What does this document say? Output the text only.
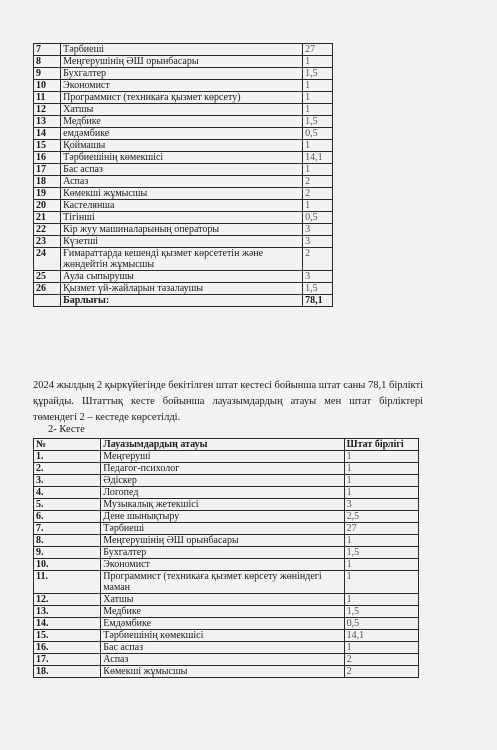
7	Тәрбиеші	27
8	Меңгерушінің ӘШ орынбасары	1
9	Бухгалтер	1,5
10	Экономист	1
11	Программист (техникаға қызмет көрсету)	1
12	Хатшы	1
13	Медбике	1,5
14	емдәмбике	0,5
15	Қоймашы	1
16	Тәрбиешінің көмекшісі	14,1
17	Бас аспаз	1
18	Аспаз	2
19	Көмекші жұмысшы	2
20	Кастелянша	1
21	Тігінші	0,5
22	Кір жуу машиналарының операторы	3
23	Күзетші	3
24	Ғимараттарда кешенді қызмет көрсететін және жөндейтін жұмысшы	2
25	Аула сыпырушы	3
26	Қызмет үй-жайларын тазалаушы	1,5
	Барлығы:	78,1
2024 жылдың 2 қыркүйегінде бекітілген штат кестесі бойынша штат саны 78,1 бірлікті құрайды. Штаттық кесте бойынша лауазымдардың атауы мен штат бірліктері төмендегі 2 – кестеде көрсетілді.
2- Кесте
№	Лауазымдардың атауы	Штат бірлігі
1.	Меңгеруші	1
2.	Педагог-психолог	1
3.	Әдіскер	1
4.	Логопед	1
5.	Музыкалық жетекшісі	3
6.	Дене шынықтыру	2,5
7.	Тәрбиеші	27
8.	Меңгерушінің ӘШ орынбасары	1
9.	Бухгалтер	1,5
10.	Экономист	1
11.	Программист (техникаға қызмет көрсету жөніндегі маман	1
12.	Хатшы	1
13.	Медбике	1,5
14.	Емдәмбике	0,5
15.	Тәрбиешінің көмекшісі	14,1
16.	Бас аспаз	1
17.	Аспаз	2
18.	Көмекші жұмысшы	2
